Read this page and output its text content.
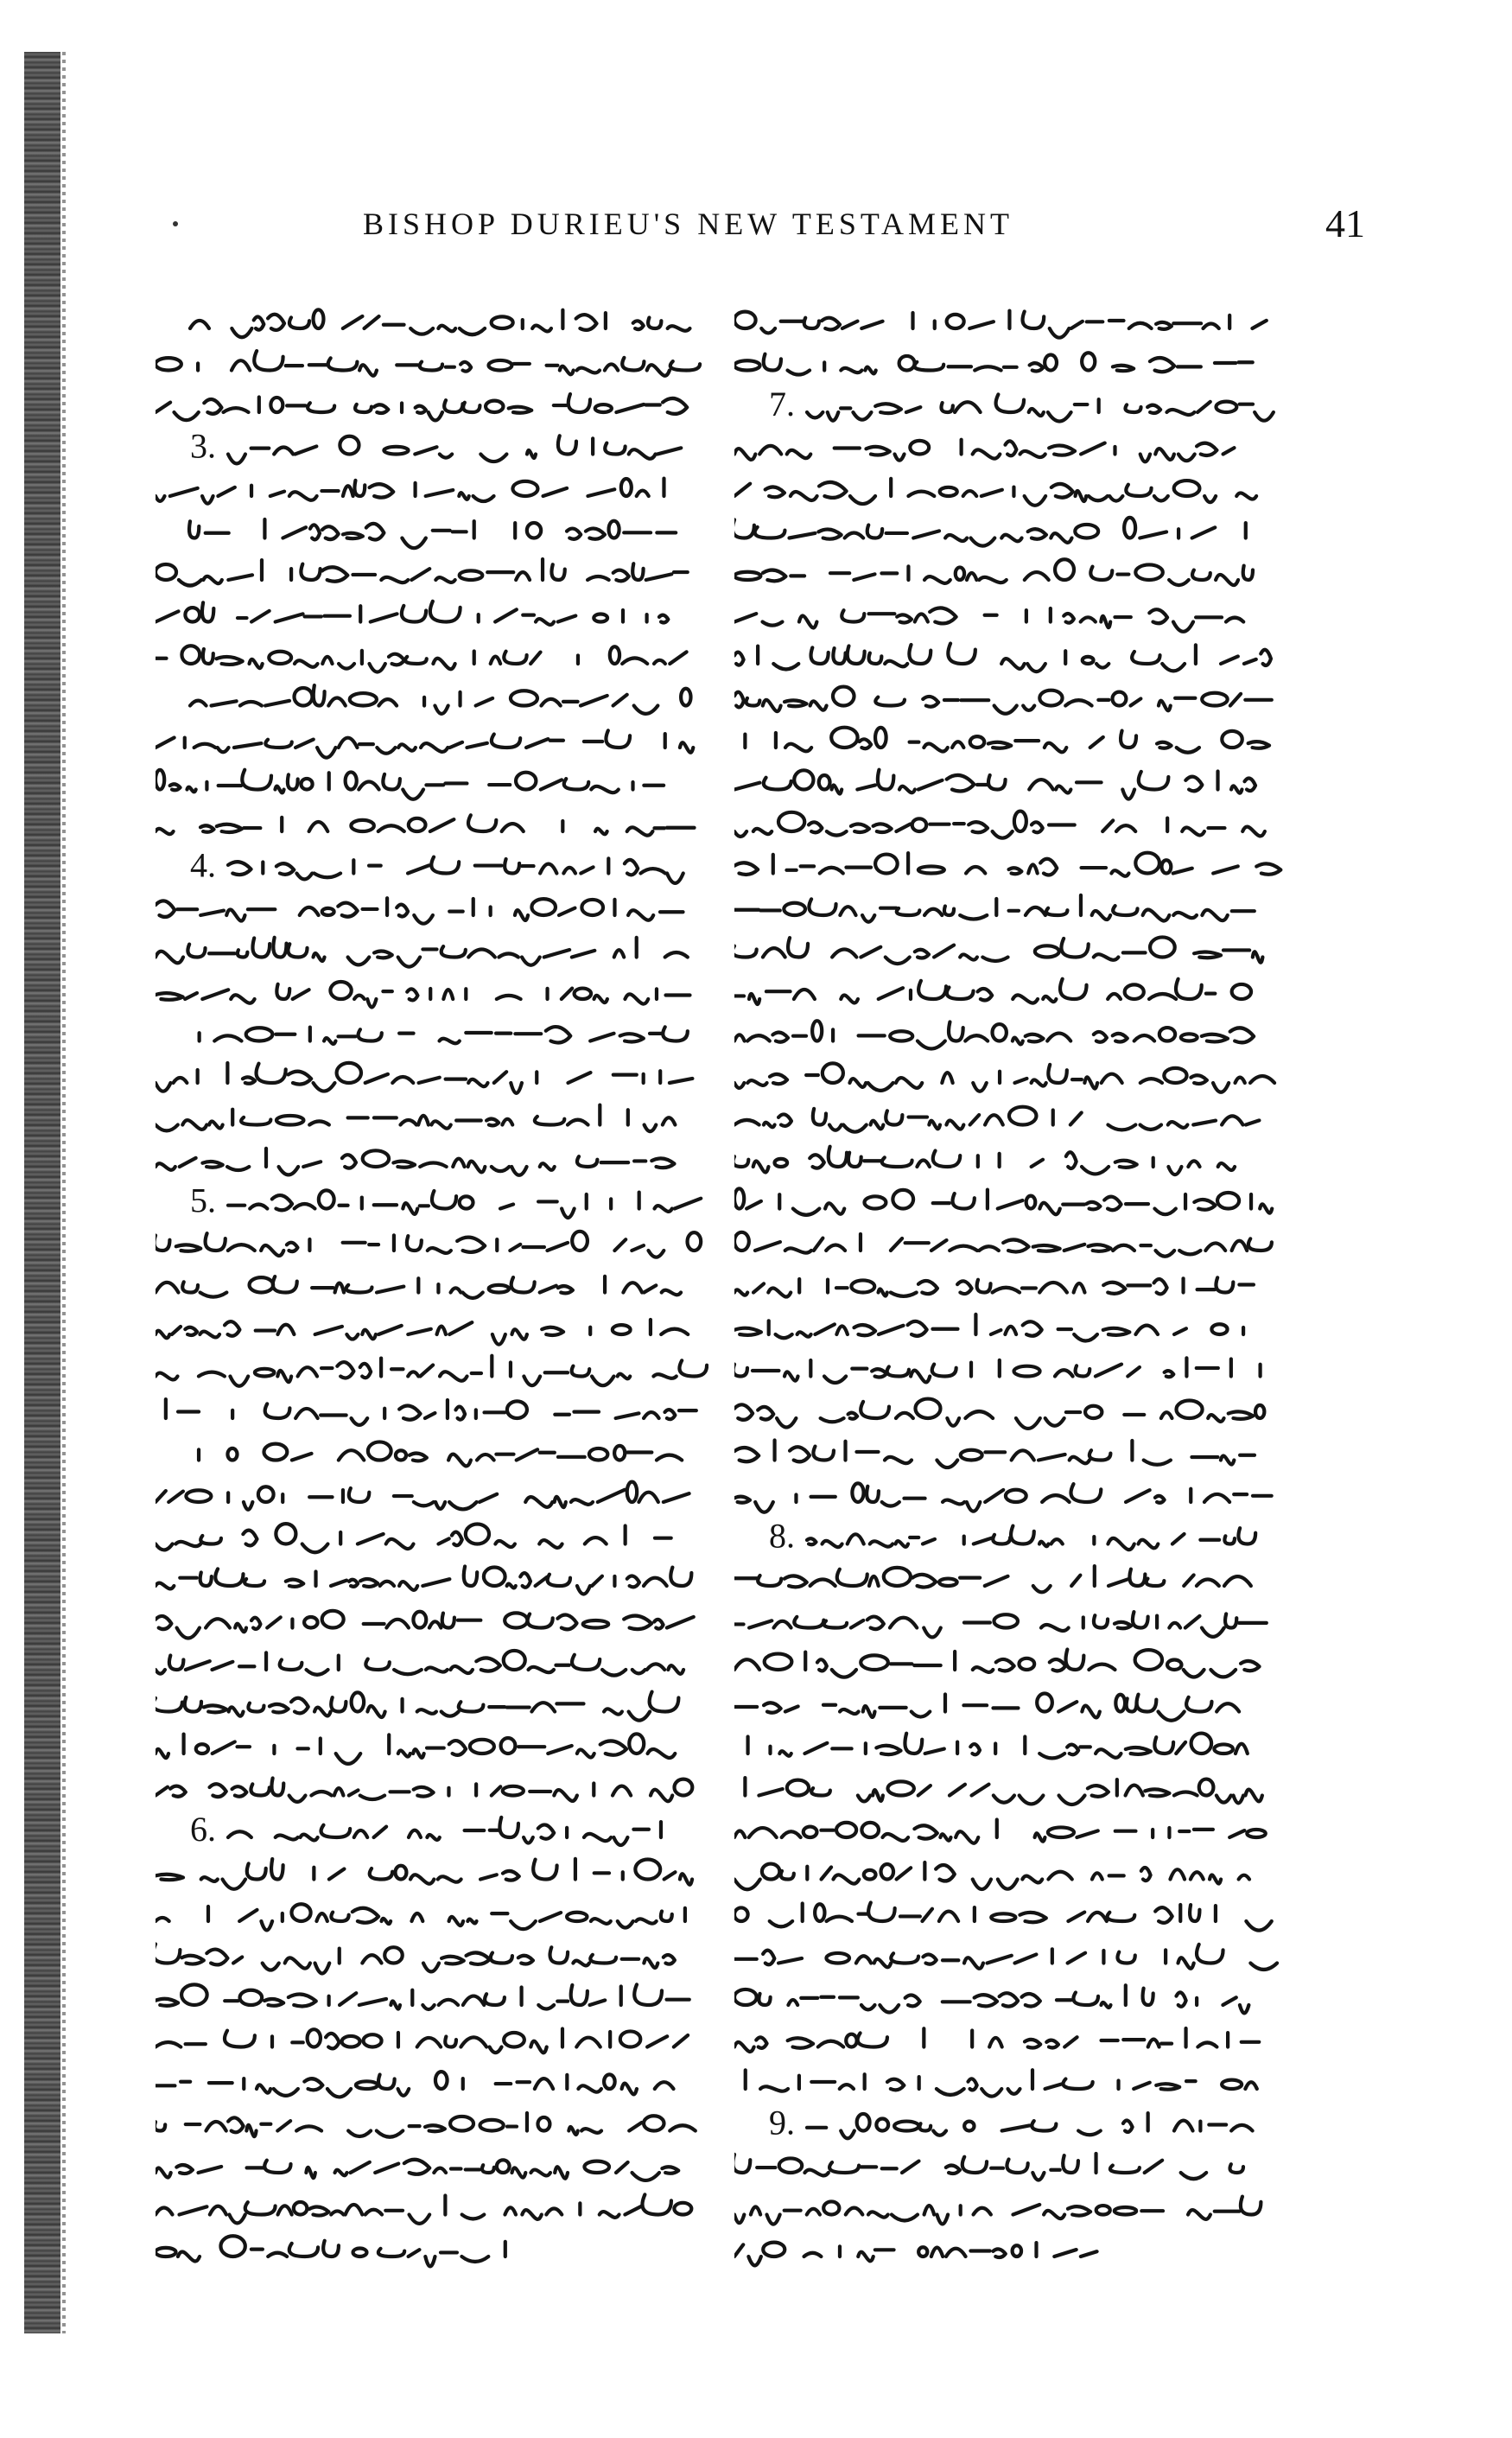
BISHOP DURIEU'S NEW TESTAMENT	41
3.
4.
5.
6.
7.
8.
9.
